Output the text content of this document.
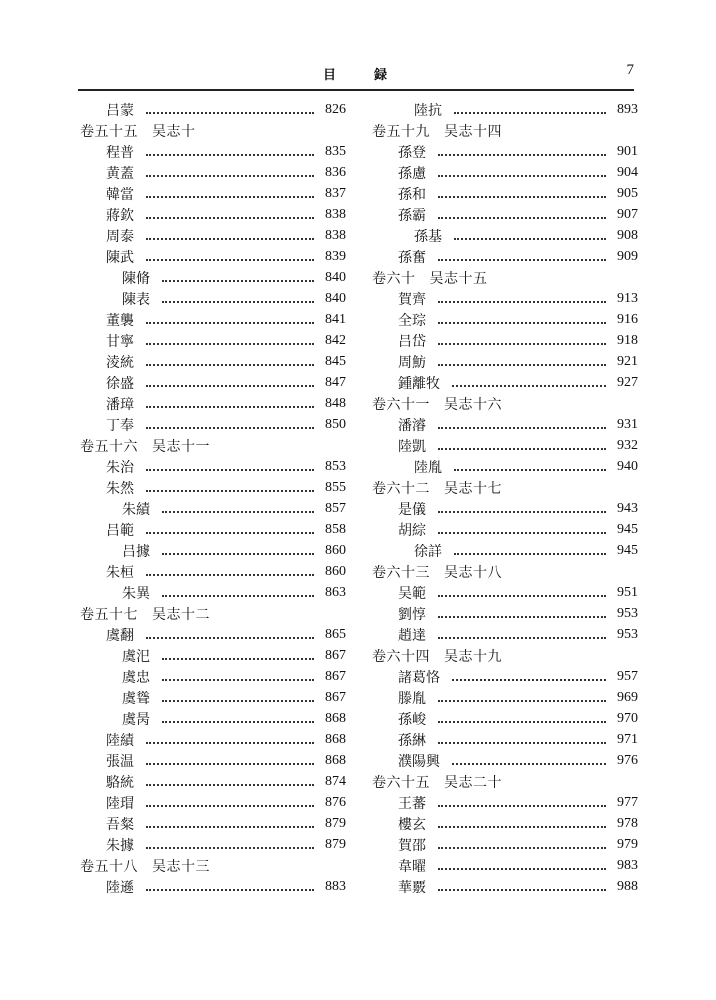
目	録	7
吕蒙	826
卷五十五 吴志十
程普	835
黄蓋	836
韓當	837
蔣欽	838
周泰	838
陳武	839
陳脩	840
陳表	840
董襲	841
甘寧	842
淩統	845
徐盛	847
潘璋	848
丁奉	850
卷五十六 吴志十一
朱治	853
朱然	855
朱績	857
吕範	858
吕據	860
朱桓	860
朱異	863
卷五十七 吴志十二
虞翻	865
虞汜	867
虞忠	867
虞聳	867
虞昺	868
陸績	868
張温	868
駱統	874
陸瑁	876
吾粲	879
朱據	879
卷五十八 吴志十三
陸遜	883
陸抗	893
卷五十九 吴志十四
孫登	901
孫慮	904
孫和	905
孫霸	907
孫基	908
孫奮	909
卷六十 吴志十五
賀齊	913
全琮	916
吕岱	918
周魴	921
鍾離牧	927
卷六十一 吴志十六
潘濬	931
陸凱	932
陸胤	940
卷六十二 吴志十七
是儀	943
胡綜	945
徐詳	945
卷六十三 吴志十八
吴範	951
劉惇	953
趙達	953
卷六十四 吴志十九
諸葛恪	957
滕胤	969
孫峻	970
孫綝	971
濮陽興	976
卷六十五 吴志二十
王蕃	977
樓玄	978
賀邵	979
韋曜	983
華覈	988
